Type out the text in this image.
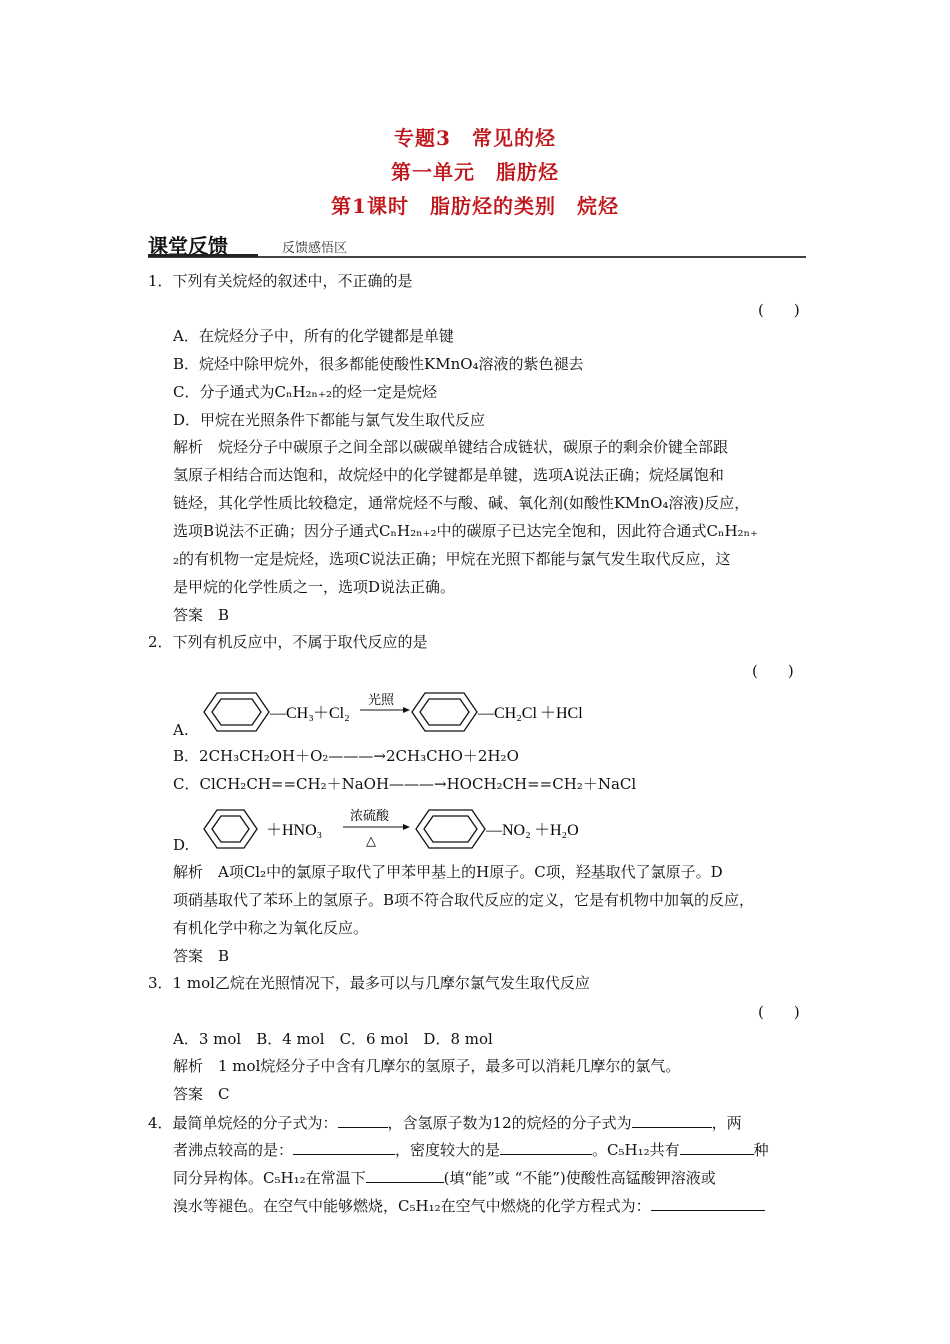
专题3　常见的烃
第一单元　脂肪烃
第1课时　脂肪烃的类别　烷烃
课堂反馈	反馈感悟区
1．下列有关烷烃的叙述中，不正确的是
(　　)
A．在烷烃分子中，所有的化学键都是单键
B．烷烃中除甲烷外，很多都能使酸性KMnO₄溶液的紫色褪去
C．分子通式为CₙH₂ₙ₊₂的烃一定是烷烃
D．甲烷在光照条件下都能与氯气发生取代反应
解析　烷烃分子中碳原子之间全部以碳碳单键结合成链状，碳原子的剩余价键全部跟
氢原子相结合而达饱和，故烷烃中的化学键都是单键，选项A说法正确；烷烃属饱和
链烃，其化学性质比较稳定，通常烷烃不与酸、碱、氧化剂(如酸性KMnO₄溶液)反应，
选项B说法不正确；因分子通式CₙH₂ₙ₊₂中的碳原子已达完全饱和，因此符合通式CₙH₂ₙ₊
₂的有机物一定是烷烃，选项C说法正确；甲烷在光照下都能与氯气发生取代反应，这
是甲烷的化学性质之一，选项D说法正确。
答案　B
2．下列有机反应中，不属于取代反应的是
(　　)
A.
—CH₃ ＋Cl₂
光照
—CH₂Cl ＋HCl
B．2CH₃CH₂OH＋O₂———→2CH₃CHO＋2H₂O
C．ClCH₂CH==CH₂＋NaOH———→HOCH₂CH==CH₂＋NaCl
D.
＋HNO₃
浓硫酸
△
—NO₂ ＋H₂O
解析　A项Cl₂中的氯原子取代了甲苯甲基上的H原子。C项，羟基取代了氯原子。D
项硝基取代了苯环上的氢原子。B项不符合取代反应的定义，它是有机物中加氧的反应，
有机化学中称之为氧化反应。
答案　B
3．1 mol乙烷在光照情况下，最多可以与几摩尔氯气发生取代反应
(　　)
A．3 mol　B．4 mol　C．6 mol　D．8 mol
解析　1 mol烷烃分子中含有几摩尔的氢原子，最多可以消耗几摩尔的氯气。
答案　C
4．最简单烷烃的分子式为：	，含氢原子数为12的烷烃的分子式为	，两
者沸点较高的是：	，密度较大的是	。C₅H₁₂共有	种
同分异构体。C₅H₁₂在常温下	(填“能”或 “不能”)使酸性高锰酸钾溶液或
溴水等褪色。在空气中能够燃烧，C₅H₁₂在空气中燃烧的化学方程式为：
